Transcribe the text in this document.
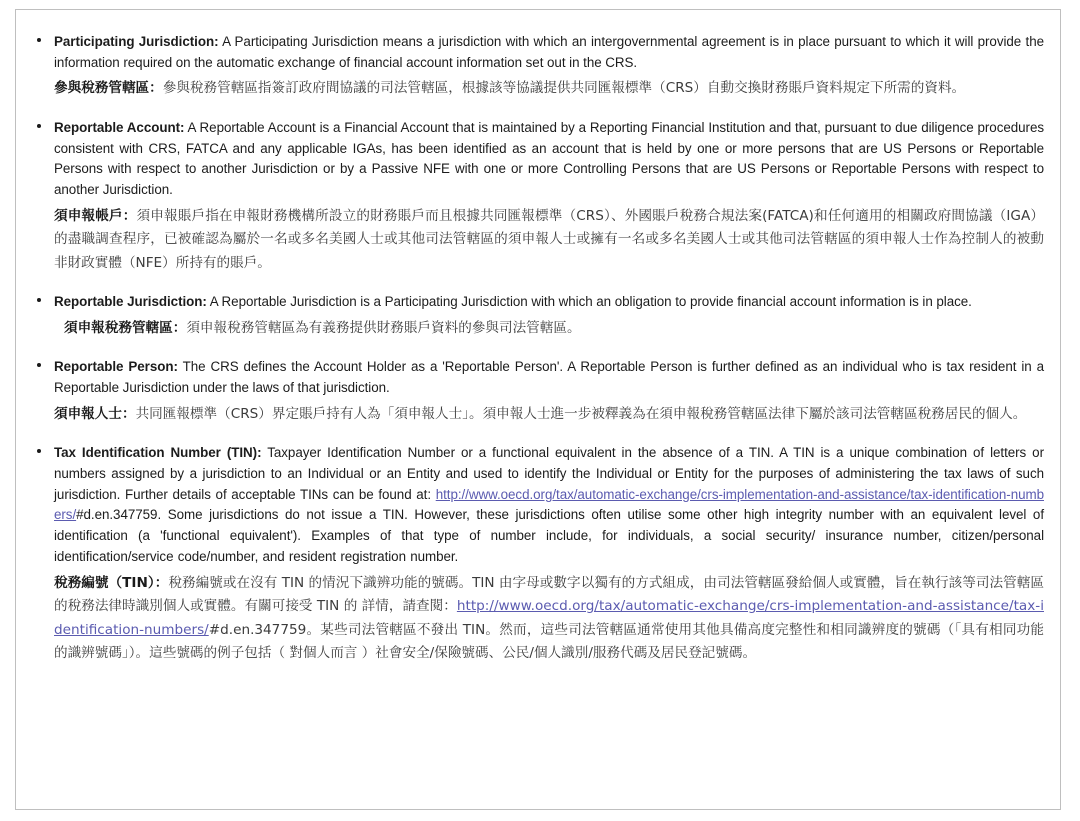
Participating Jurisdiction: A Participating Jurisdiction means a jurisdiction with which an intergovernmental agreement is in place pursuant to which it will provide the information required on the automatic exchange of financial account information set out in the CRS.

參與稅務管轄區：參與稅務管轄區指簽訂政府間協議的司法管轄區，根據該等協議提供共同匯報標準（CRS）自動交換財務賬戶資料規定下所需的資料。

Reportable Account: A Reportable Account is a Financial Account that is maintained by a Reporting Financial Institution and that, pursuant to due diligence procedures consistent with CRS, FATCA and any applicable IGAs, has been identified as an account that is held by one or more persons that are US Persons or Reportable Persons with respect to another Jurisdiction or by a Passive NFE with one or more Controlling Persons that are US Persons or Reportable Persons with respect to another Jurisdiction.

須申報帳戶：須申報賬戶指在申報財務機構所設立的財務賬戶而且根據共同匯報標準（CRS）、外國賬戶稅務合規法案(FATCA)和任何適用的相關政府間協議（IGA）的盡職調查程序，已被確認為屬於一名或多名美國人士或其他司法管轄區的須申報人士或擁有一名或多名美國人士或其他司法管轄區的須申報人士作為控制人的被動非財政實體（NFE）所持有的賬戶。

Reportable Jurisdiction: A Reportable Jurisdiction is a Participating Jurisdiction with which an obligation to provide financial account information is in place.

須申報稅務管轄區：須申報稅務管轄區為有義務提供財務賬戶資料的參與司法管轄區。

Reportable Person: The CRS defines the Account Holder as a 'Reportable Person'. A Reportable Person is further defined as an individual who is tax resident in a Reportable Jurisdiction under the laws of that jurisdiction.

須申報人士：共同匯報標準（CRS）界定賬戶持有人為「須申報人士」。須申報人士進一步被釋義為在須申報稅務管轄區法律下屬於該司法管轄區稅務居民的個人。

Tax Identification Number (TIN): Taxpayer Identification Number or a functional equivalent in the absence of a TIN. A TIN is a unique combination of letters or numbers assigned by a jurisdiction to an Individual or an Entity and used to identify the Individual or Entity for the purposes of administering the tax laws of such jurisdiction. Further details of acceptable TINs can be found at: http://www.oecd.org/tax/automatic-exchange/crs-implementation-and-assistance/tax-identification-numbers/#d.en.347759. Some jurisdictions do not issue a TIN. However, these jurisdictions often utilise some other high integrity number with an equivalent level of identification (a 'functional equivalent'). Examples of that type of number include, for individuals, a social security/ insurance number, citizen/personal identification/service code/number, and resident registration number.

稅務編號（TIN）：稅務編號或在沒有 TIN 的情況下識辨功能的號碼。TIN 由字母或數字以獨有的方式組成，由司法管轄區發給個人或實體，旨在執行該等司法管轄區的稅務法律時識別個人或實體。有關可接受 TIN 的 詳情，請查閱：http://www.oecd.org/tax/automatic-exchange/crs-implementation-and-assistance/tax-identification-numbers/#d.en.347759。某些司法管轄區不發出 TIN。然而，這些司法管轄區通常使用其他具備高度完整性和相同識辨度的號碼（「具有相同功能的識辨號碼」）。這些號碼的例子包括（ 對個人而言 ）社會安全/保險號碼、公民/個人識別/服務代碼及居民登記號碼。
